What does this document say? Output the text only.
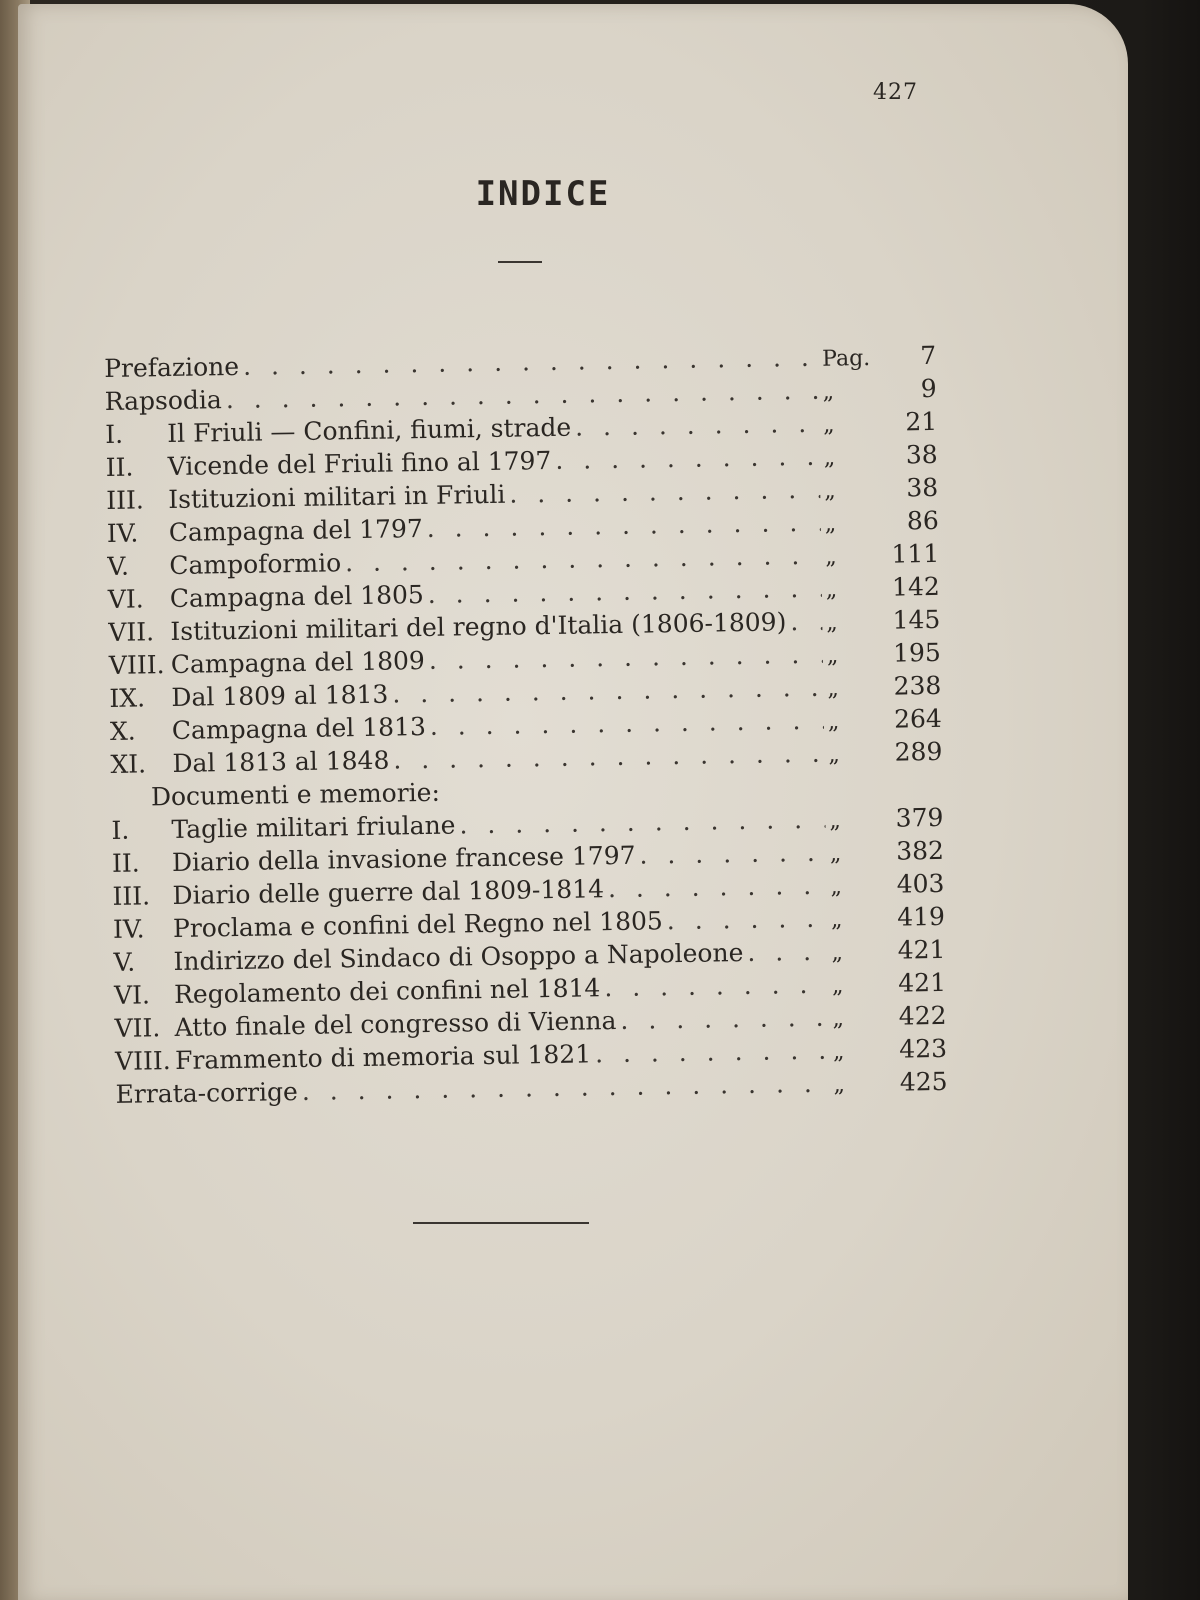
427
INDICE
Prefazione . . .	Pag.	7
Rapsodia . . .	„	9
I.	Il Friuli — Confini, fiumi, strade . . .	„	21
II.	Vicende del Friuli fino al 1797 . . .	„	38
III. Istituzioni militari in Friuli . . .	„	38
IV.	Campagna del 1797 . . .	„	86
V.	Campoformio . . .	„	111
VI.	Campagna del 1805 . . .	„	142
VII. Istituzioni militari del regno d'Italia (1806-1809) . . . „	145
VIII. Campagna del 1809 . . .	„	195
IX.	Dal 1809 al 1813 . . .	„	238
X.	Campagna del 1813 . . .	„	264
XI.	Dal 1813 al 1848 . . .	„	289
Documenti e memorie:
I.	Taglie militari friulane . . .	„	379
II.	Diario della invasione francese 1797 . . .	„	382
III. Diario delle guerre dal 1809-1814 . . .	„	403
IV.	Proclama e confini del Regno nel 1805 . . .	„	419
V.	Indirizzo del Sindaco di Osoppo a Napoleone . . .	„	421
VI. Regolamento dei confini nel 1814 . . .	„	421
VII. Atto finale del congresso di Vienna . . .	„	422
VIII. Frammento di memoria sul 1821 . . .	„	423
Errata-corrige . . .	„	425
